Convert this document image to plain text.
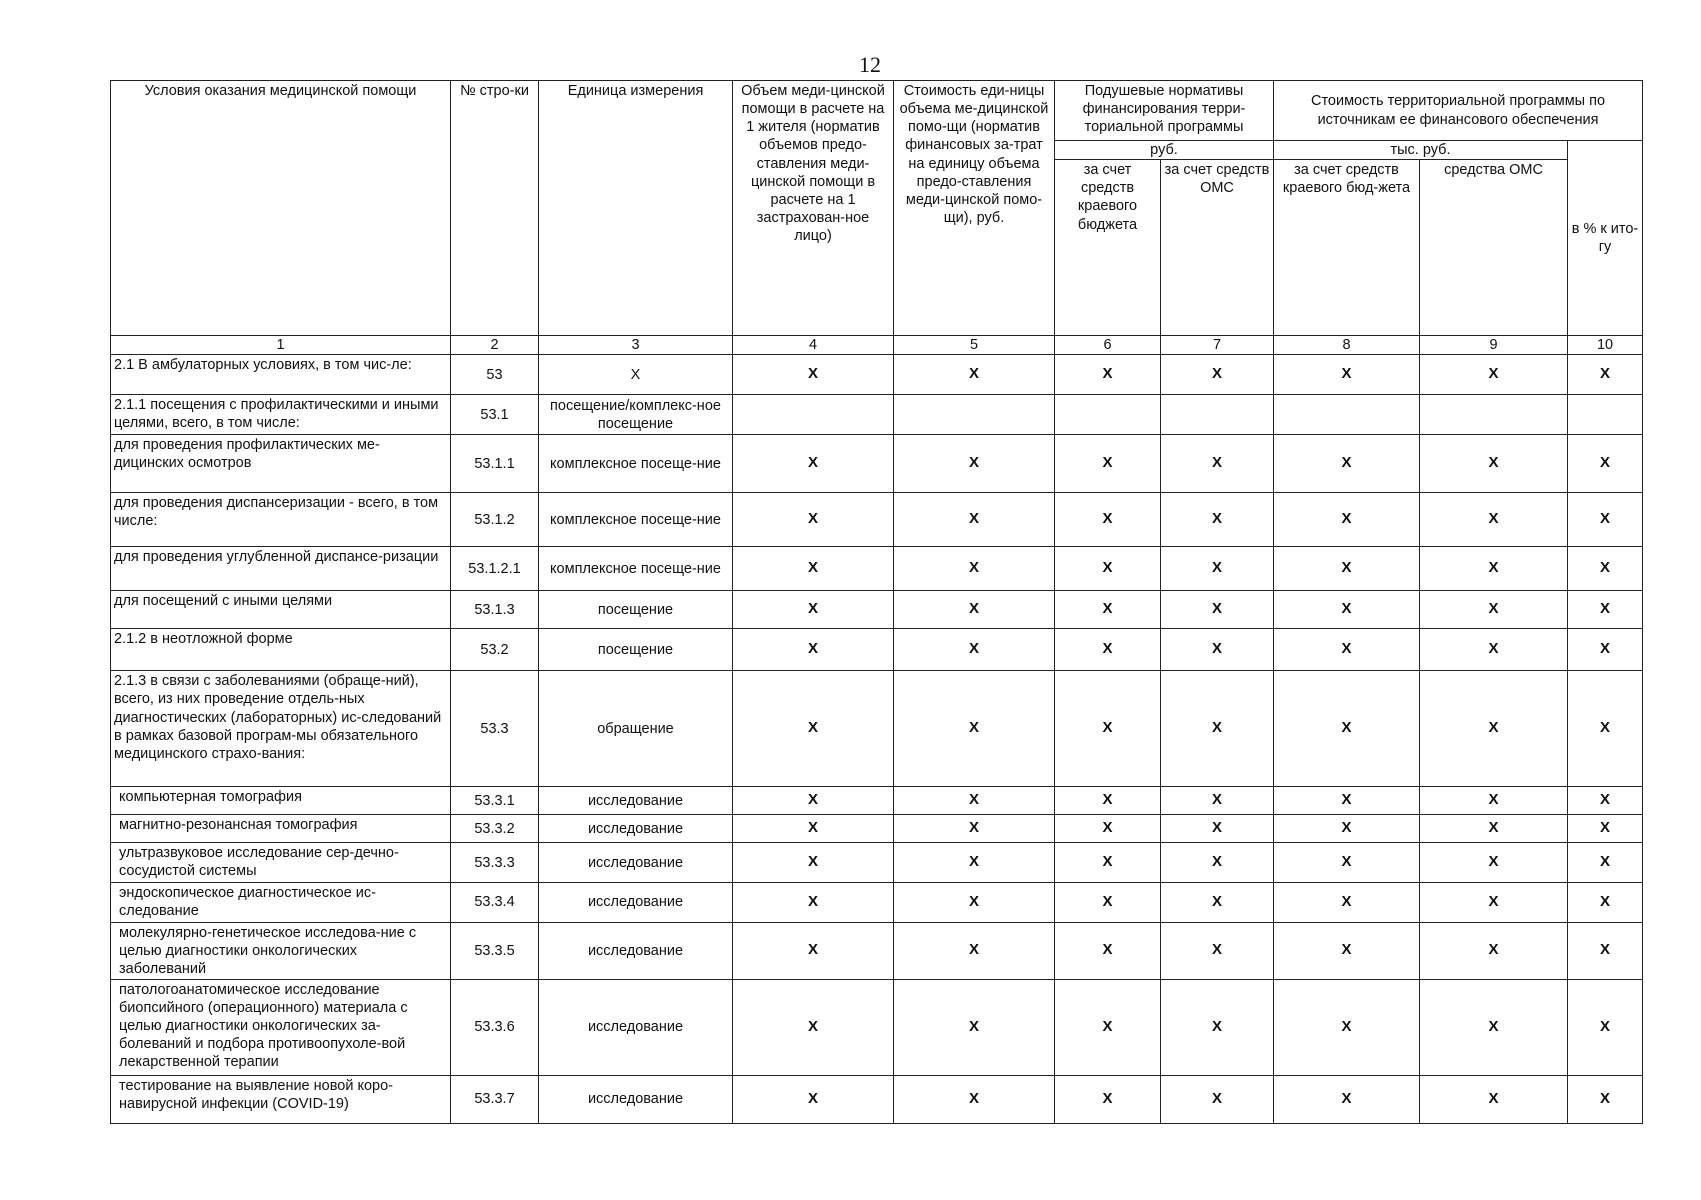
12
Условия оказания медицинской помощи	№ стро-ки	Единица измерения	Объем меди-цинской помощи в расчете на 1 жителя (норматив объемов предо-ставления меди-цинской помощи в расчете на 1 застрахован-ное лицо)	Стоимость еди-ницы объема ме-дицинской помо-щи (норматив финансовых за-трат на единицу объема предо-ставления меди-цинской помо-щи), руб.	Подушевые нормативы финансирования терри-ториальной программы		Стоимость территориальной программы по источникам ее финансового обеспечения		
					руб.		тыс. руб.		в % к ито-гу
					за счет средств краевого бюджета	за счет средств ОМС	за счет средств краевого бюд-жета	средства ОМС	
1	2	3	4	5	6	7	8	9	10
2.1 В амбулаторных условиях, в том чис-ле:	53	Х	Х	Х	Х	Х	Х	Х	Х
2.1.1 посещения с профилактическими и иными целями, всего, в том числе:	53.1	посещение/комплекс-ное посещение							
для проведения профилактических ме-дицинских осмотров	53.1.1	комплексное посеще-ние	Х	Х	Х	Х	Х	Х	Х
для проведения диспансеризации - всего, в том числе:	53.1.2	комплексное посеще-ние	Х	Х	Х	Х	Х	Х	Х
для проведения углубленной диспансе-ризации	53.1.2.1	комплексное посеще-ние	Х	Х	Х	Х	Х	Х	Х
для посещений с иными целями	53.1.3	посещение	Х	Х	Х	Х	Х	Х	Х
2.1.2 в неотложной форме	53.2	посещение	Х	Х	Х	Х	Х	Х	Х
2.1.3 в связи с заболеваниями (обраще-ний), всего, из них проведение отдель-ных диагностических (лабораторных) ис-следований в рамках базовой програм-мы обязательного медицинского страхо-вания:	53.3	обращение	Х	Х	Х	Х	Х	Х	Х
компьютерная томография	53.3.1	исследование	Х	Х	Х	Х	Х	Х	Х
магнитно-резонансная томография	53.3.2	исследование	Х	Х	Х	Х	Х	Х	Х
ультразвуковое исследование сер-дечно-сосудистой системы	53.3.3	исследование	Х	Х	Х	Х	Х	Х	Х
эндоскопическое диагностическое ис-следование	53.3.4	исследование	Х	Х	Х	Х	Х	Х	Х
молекулярно-генетическое исследова-ние с целью диагностики онкологических заболеваний	53.3.5	исследование	Х	Х	Х	Х	Х	Х	Х
патологоанатомическое исследование биопсийного (операционного) материала с целью диагностики онкологических за-болеваний и подбора противоопухоле-вой лекарственной терапии	53.3.6	исследование	Х	Х	Х	Х	Х	Х	Х
тестирование на выявление новой коро-навирусной инфекции (COVID-19)	53.3.7	исследование	Х	Х	Х	Х	Х	Х	Х
